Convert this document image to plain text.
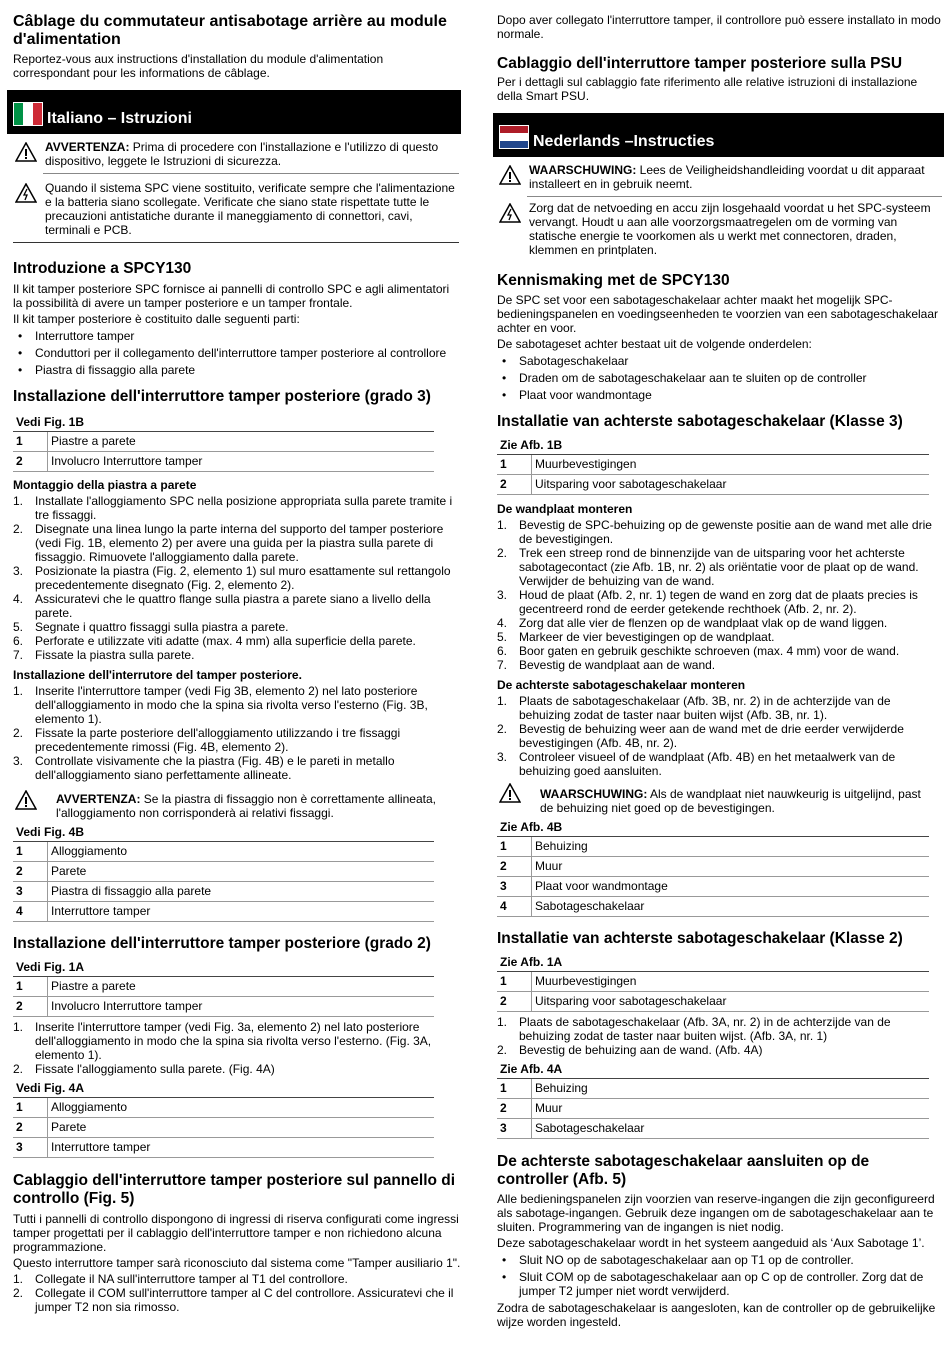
Câblage du commutateur antisabotage arrière au module d'alimentation

Reportez-vous aux instructions d'installation du module d'alimentation correspondant pour les informations de câblage.

Italiano – Istruzioni

AVVERTENZA: Prima di procedere con l'installazione e l'utilizzo di questo dispositivo, leggete le Istruzioni di sicurezza.

Quando il sistema SPC viene sostituito, verificate sempre che l'alimentazione e la batteria siano scollegate. Verificate che siano state rispettate tutte le precauzioni antistatiche durante il maneggiamento di connettori, cavi, terminali e PCB.

Introduzione a SPCY130

Il kit tamper posteriore SPC fornisce ai pannelli di controllo SPC e agli alimentatori la possibilità di avere un tamper posteriore e un tamper frontale.

Il kit tamper posteriore è costituito dalle seguenti parti:

• Interruttore tamper
• Conduttori per il collegamento dell'interruttore tamper posteriore al controllore
• Piastra di fissaggio alla parete
Installazione dell'interruttore tamper posteriore (grado 3)
Vedi Fig. 1B	
1	Piastre a parete
2	Involucro Interruttore tamper

Montaggio della piastra a parete

1. Installate l'alloggiamento SPC nella posizione appropriata sulla parete tramite i tre fissaggi.
2. Disegnate una linea lungo la parte interna del supporto del tamper posteriore (vedi Fig. 1B, elemento 2) per avere una guida per la piastra sulla parete di fissaggio. Rimuovete l'alloggiamento dalla parete.
3. Posizionate la piastra (Fig. 2, elemento 1) sul muro esattamente sul rettangolo precedentemente disegnato (Fig. 2, elemento 2).
4. Assicuratevi che le quattro flange sulla piastra a parete siano a livello della parete.
5. Segnate i quattro fissaggi sulla piastra a parete.
6. Perforate e utilizzate viti adatte (max. 4 mm) alla superficie della parete.
7. Fissate la piastra sulla parete.

Installazione dell'interrutore del tamper posteriore.

1. Inserite l'interruttore tamper (vedi Fig 3B, elemento 2) nel lato posteriore dell'alloggiamento in modo che la spina sia rivolta verso l'esterno (Fig. 3B, elemento 1).
2. Fissate la parte posteriore dell'alloggiamento utilizzando i tre fissaggi precedentemente rimossi (Fig. 4B, elemento 2).
3. Controllate visivamente che la piastra (Fig. 4B) e le pareti in metallo dell'alloggiamento siano perfettamente allineate.

AVVERTENZA: Se la piastra di fissaggio non è correttamente allineata, l'alloggiamento non corrisponderà ai relativi fissaggi.

Vedi Fig. 4B	
1	Alloggiamento
2	Parete
3	Piastra di fissaggio alla parete
4	Interruttore tamper
Installazione dell'interruttore tamper posteriore (grado 2)
Vedi Fig. 1A	
1	Piastre a parete
2	Involucro Interruttore tamper
1. Inserite l'interruttore tamper (vedi Fig. 3a, elemento 2) nel lato posteriore dell'alloggiamento in modo che la spina sia rivolta verso l'esterno. (Fig. 3A, elemento 1).
2. Fissate l'alloggiamento sulla parete. (Fig. 4A)
Vedi Fig. 4A	
1	Alloggiamento
2	Parete
3	Interruttore tamper
Cablaggio dell'interruttore tamper posteriore sul pannello di controllo (Fig. 5)

Tutti i pannelli di controllo dispongono di ingressi di riserva configurati come ingressi tamper progettati per il cablaggio dell'interruttore tamper e non richiedono alcuna programmazione.

Questo interruttore tamper sarà riconosciuto dal sistema come "Tamper ausiliario 1".

1. Collegate il NA sull'interruttore tamper al T1 del controllore.
2. Collegate il COM sull'interruttore tamper al C del controllore. Assicuratevi che il jumper T2 non sia rimosso.

Dopo aver collegato l'interruttore tamper, il controllore può essere installato in modo normale.

Cablaggio dell'interruttore tamper posteriore sulla PSU

Per i dettagli sul cablaggio fate riferimento alle relative istruzioni di installazione della Smart PSU.

Nederlands –Instructies

WAARSCHUWING: Lees de Veiligheidshandleiding voordat u dit apparaat installeert en in gebruik neemt.

Zorg dat de netvoeding en accu zijn losgehaald voordat u het SPC-systeem vervangt. Houdt u aan alle voorzorgsmaatregelen om de vorming van statische energie te voorkomen als u werkt met connectoren, draden, klemmen en printplaten.

Kennismaking met de SPCY130

De SPC set voor een sabotageschakelaar achter maakt het mogelijk SPC-bedieningspanelen en voedingseenheden te voorzien van een sabotageschakelaar achter en voor.

De sabotageset achter bestaat uit de volgende onderdelen:

• Sabotageschakelaar
• Draden om de sabotageschakelaar aan te sluiten op de controller
• Plaat voor wandmontage
Installatie van achterste sabotageschakelaar (Klasse 3)
Zie Afb. 1B	
1	Muurbevestigingen
2	Uitsparing voor sabotageschakelaar

De wandplaat monteren

1. Bevestig de SPC-behuizing op de gewenste positie aan de wand met alle drie de bevestigingen.
2. Trek een streep rond de binnenzijde van de uitsparing voor het achterste sabotagecontact (zie Afb. 1B, nr. 2) als oriëntatie voor de plaat op de wand. Verwijder de behuizing van de wand.
3. Houd de plaat (Afb. 2, nr. 1) tegen de wand en zorg dat de plaats precies is gecentreerd rond de eerder getekende rechthoek (Afb. 2, nr. 2).
4. Zorg dat alle vier de flenzen op de wandplaat vlak op de wand liggen.
5. Markeer de vier bevestigingen op de wandplaat.
6. Boor gaten en gebruik geschikte schroeven (max. 4 mm) voor de wand.
7. Bevestig de wandplaat aan de wand.

De achterste sabotageschakelaar monteren

1. Plaats de sabotageschakelaar (Afb. 3B, nr. 2) in de achterzijde van de behuizing zodat de taster naar buiten wijst (Afb. 3B, nr. 1).
2. Bevestig de behuizing weer aan de wand met de drie eerder verwijderde bevestigingen (Afb. 4B, nr. 2).
3. Controleer visueel of de wandplaat (Afb. 4B) en het metaalwerk van de behuizing goed aansluiten.

WAARSCHUWING: Als de wandplaat niet nauwkeurig is uitgelijnd, past de behuizing niet goed op de bevestigingen.

Zie Afb. 4B	
1	Behuizing
2	Muur
3	Plaat voor wandmontage
4	Sabotageschakelaar
Installatie van achterste sabotageschakelaar (Klasse 2)
Zie Afb. 1A	
1	Muurbevestigingen
2	Uitsparing voor sabotageschakelaar
1. Plaats de sabotageschakelaar (Afb. 3A, nr. 2) in de achterzijde van de behuizing zodat de taster naar buiten wijst. (Afb. 3A, nr. 1)
2. Bevestig de behuizing aan de wand. (Afb. 4A)
Zie Afb. 4A	
1	Behuizing
2	Muur
3	Sabotageschakelaar
De achterste sabotageschakelaar aansluiten op de controller (Afb. 5)

Alle bedieningspanelen zijn voorzien van reserve-ingangen die zijn geconfigureerd als sabotage-ingangen. Gebruik deze ingangen om de sabotageschakelaar aan te sluiten. Programmering van de ingangen is niet nodig.

Deze sabotageschakelaar wordt in het systeem aangeduid als ‘Aux Sabotage 1’.

• Sluit NO op de sabotageschakelaar aan op T1 op de controller.
• Sluit COM op de sabotageschakelaar aan op C op de controller. Zorg dat de jumper T2 jumper niet wordt verwijderd.

Zodra de sabotageschakelaar is aangesloten, kan de controller op de gebruikelijke wijze worden ingesteld.
